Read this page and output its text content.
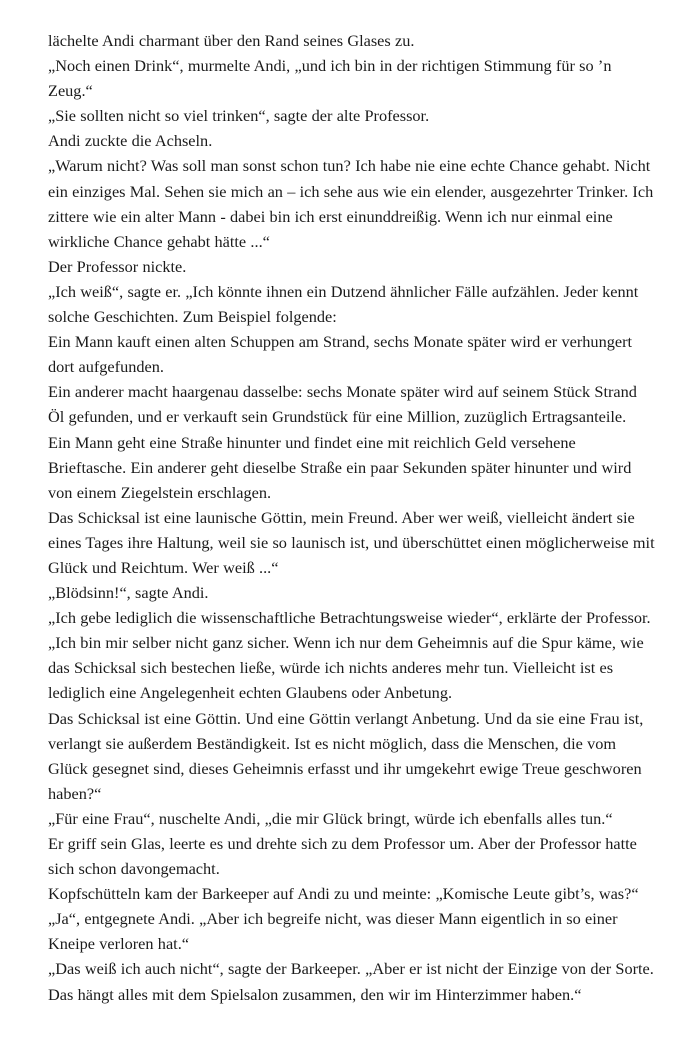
lächelte Andi charmant über den Rand seines Glases zu.

„Noch einen Drink“, murmelte Andi, „und ich bin in der richtigen Stimmung für so ’n Zeug.“

„Sie sollten nicht so viel trinken“, sagte der alte Professor.

Andi zuckte die Achseln.

„Warum nicht? Was soll man sonst schon tun? Ich habe nie eine echte Chance gehabt. Nicht ein einziges Mal. Sehen sie mich an – ich sehe aus wie ein elender, ausgezehrter Trinker. Ich zittere wie ein alter Mann - dabei bin ich erst einunddreißig. Wenn ich nur einmal eine wirkliche Chance gehabt hätte ...“

Der Professor nickte.

„Ich weiß“, sagte er. „Ich könnte ihnen ein Dutzend ähnlicher Fälle aufzählen. Jeder kennt solche Geschichten. Zum Beispiel folgende:

Ein Mann kauft einen alten Schuppen am Strand, sechs Monate später wird er verhungert dort aufgefunden.

Ein anderer macht haargenau dasselbe: sechs Monate später wird auf seinem Stück Strand Öl gefunden, und er verkauft sein Grundstück für eine Million, zuzüglich Ertragsanteile.

Ein Mann geht eine Straße hinunter und findet eine mit reichlich Geld versehene Brieftasche. Ein anderer geht dieselbe Straße ein paar Sekunden später hinunter und wird von einem Ziegelstein erschlagen.

Das Schicksal ist eine launische Göttin, mein Freund. Aber wer weiß, vielleicht ändert sie eines Tages ihre Haltung, weil sie so launisch ist, und überschüttet einen möglicherweise mit Glück und Reichtum. Wer weiß ...“

„Blödsinn!“, sagte Andi.

„Ich gebe lediglich die wissenschaftliche Betrachtungsweise wieder“, erklärte der Professor. „Ich bin mir selber nicht ganz sicher. Wenn ich nur dem Geheimnis auf die Spur käme, wie das Schicksal sich bestechen ließe, würde ich nichts anderes mehr tun. Vielleicht ist es lediglich eine Angelegenheit echten Glaubens oder Anbetung.

Das Schicksal ist eine Göttin. Und eine Göttin verlangt Anbetung. Und da sie eine Frau ist, verlangt sie außerdem Beständigkeit. Ist es nicht möglich, dass die Menschen, die vom Glück gesegnet sind, dieses Geheimnis erfasst und ihr umgekehrt ewige Treue geschworen haben?“

„Für eine Frau“, nuschelte Andi, „die mir Glück bringt, würde ich ebenfalls alles tun.“

Er griff sein Glas, leerte es und drehte sich zu dem Professor um. Aber der Professor hatte sich schon davongemacht.

Kopfschütteln kam der Barkeeper auf Andi zu und meinte: „Komische Leute gibt’s, was?“

„Ja“, entgegnete Andi. „Aber ich begreife nicht, was dieser Mann eigentlich in so einer Kneipe verloren hat.“

„Das weiß ich auch nicht“, sagte der Barkeeper. „Aber er ist nicht der Einzige von der Sorte. Das hängt alles mit dem Spielsalon zusammen, den wir im Hinterzimmer haben.“
